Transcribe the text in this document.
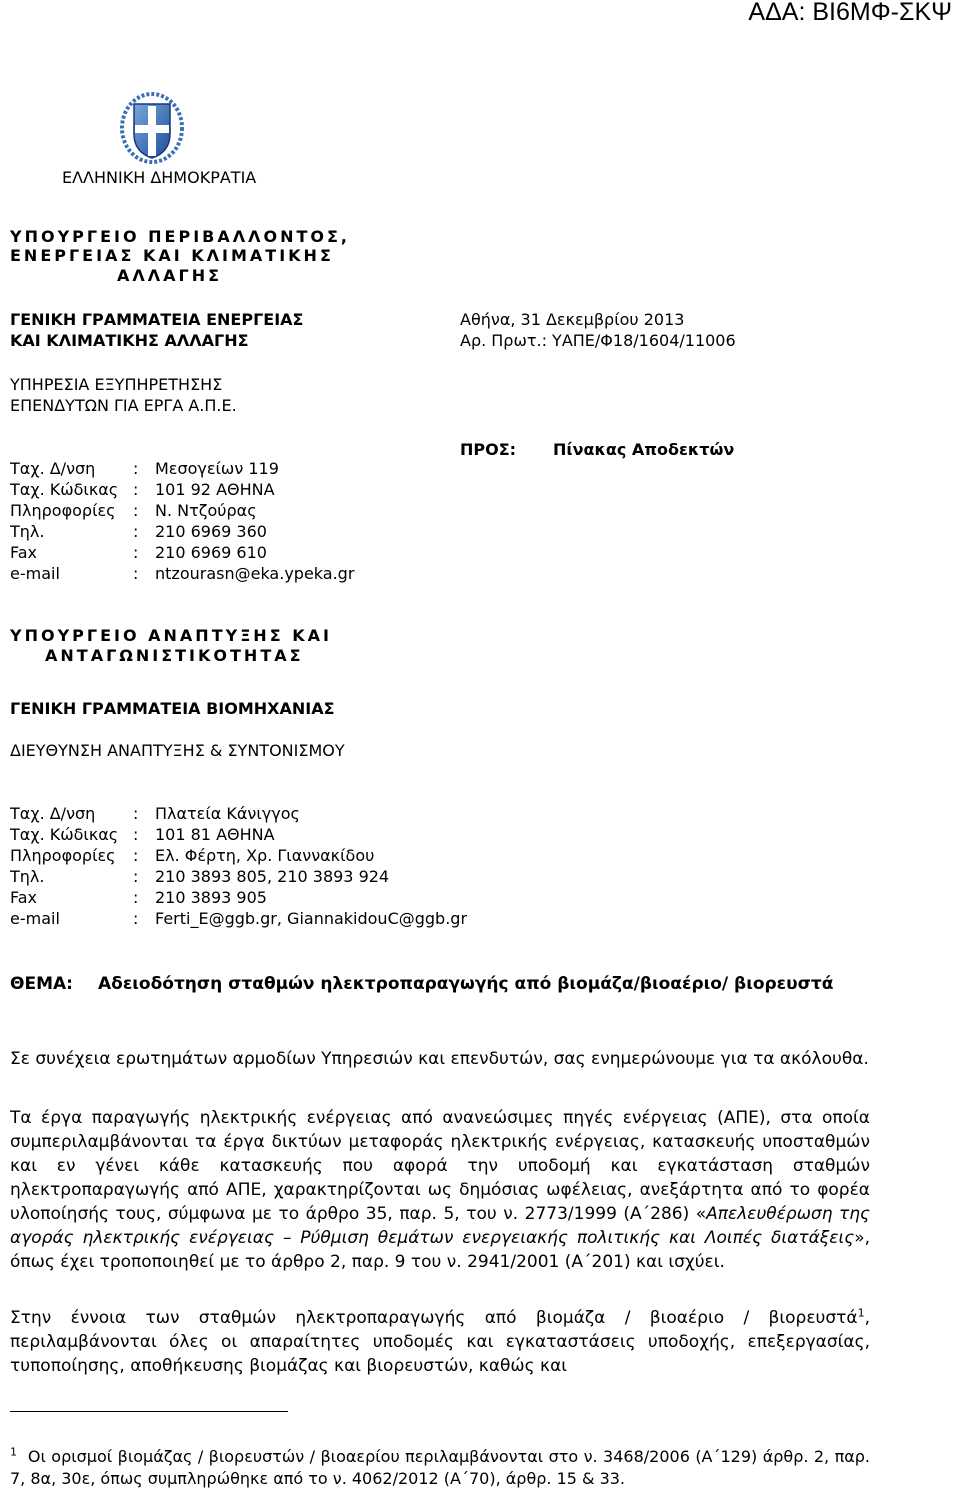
ΑΔΑ: ΒΙ6ΜΦ-ΣΚΨ
ΕΛΛΗΝΙΚΗ ΔΗΜΟΚΡΑΤΙΑ
ΥΠΟΥΡΓΕΙΟ ΠΕΡΙΒΑΛΛΟΝΤΟΣ,
ΕΝΕΡΓΕΙΑΣ ΚΑΙ ΚΛΙΜΑΤΙΚΗΣ
ΑΛΛΑΓΗΣ
ΓΕΝΙΚΗ ΓΡΑΜΜΑΤΕΙΑ ΕΝΕΡΓΕΙΑΣ
ΚΑΙ ΚΛΙΜΑΤΙΚΗΣ ΑΛΛΑΓΗΣ
Αθήνα, 31 Δεκεμβρίου 2013
Αρ. Πρωτ.: ΥΑΠΕ/Φ18/1604/11006
ΥΠΗΡΕΣΙΑ ΕΞΥΠΗΡΕΤΗΣΗΣ
ΕΠΕΝΔΥΤΩΝ ΓΙΑ ΕΡΓΑ Α.Π.Ε.
ΠΡΟΣ: Πίνακας Αποδεκτών
Ταχ. Δ/νση	:	Μεσογείων 119
Ταχ. Κώδικας :	101 92 ΑΘΗΝΑ
Πληροφορίες	:	Ν. Ντζούρας
Τηλ.	:	210 6969 360
Fax	:	210 6969 610
e-mail	:	ntzourasn@eka.ypeka.gr
ΥΠΟΥΡΓΕΙΟ ΑΝΑΠΤΥΞΗΣ ΚΑΙ
ΑΝΤΑΓΩΝΙΣΤΙΚΟΤΗΤΑΣ
ΓΕΝΙΚΗ ΓΡΑΜΜΑΤΕΙΑ ΒΙΟΜΗΧΑΝΙΑΣ
ΔΙΕΥΘΥΝΣΗ ΑΝΑΠΤΥΞΗΣ & ΣΥΝΤΟΝΙΣΜΟΥ
Ταχ. Δ/νση	:	Πλατεία Κάνιγγος
Ταχ. Κώδικας :	101 81 ΑΘΗΝΑ
Πληροφορίες	:	Ελ. Φέρτη, Χρ. Γιαννακίδου
Τηλ.	:	210 3893 805, 210 3893 924
Fax	:	210 3893 905
e-mail	:	Ferti_E@ggb.gr, GiannakidouC@ggb.gr
ΘΕΜΑ: Αδειοδότηση σταθμών ηλεκτροπαραγωγής από βιομάζα/βιοαέριο/ βιορευστά
Σε συνέχεια ερωτημάτων αρμοδίων Υπηρεσιών και επενδυτών, σας ενημερώνουμε για τα ακόλουθα.
Τα έργα παραγωγής ηλεκτρικής ενέργειας από ανανεώσιμες πηγές ενέργειας (ΑΠΕ), στα οποία συμπεριλαμβάνονται τα έργα δικτύων μεταφοράς ηλεκτρικής ενέργειας, κατασκευής υποσταθμών και εν γένει κάθε κατασκευής που αφορά την υποδομή και εγκατάσταση σταθμών ηλεκτροπαραγωγής από ΑΠΕ, χαρακτηρίζονται ως δημόσιας ωφέλειας, ανεξάρτητα από το φορέα υλοποίησής τους, σύμφωνα με το άρθρο 35, παρ. 5, του ν. 2773/1999 (Α΄286) «Απελευθέρωση της αγοράς ηλεκτρικής ενέργειας – Ρύθμιση θεμάτων ενεργειακής πολιτικής και Λοιπές διατάξεις», όπως έχει τροποποιηθεί με το άρθρο 2, παρ. 9 του ν. 2941/2001 (Α΄201) και ισχύει.
Στην έννοια των σταθμών ηλεκτροπαραγωγής από βιομάζα / βιοαέριο / βιορευστά$^1$, περιλαμβάνονται όλες οι απαραίτητες υποδομές και εγκαταστάσεις υποδοχής, επεξεργασίας, τυποποίησης, αποθήκευσης βιομάζας και βιορευστών, καθώς και
$^1$ Οι ορισμοί βιομάζας / βιορευστών / βιοαερίου περιλαμβάνονται στο ν. 3468/2006 (Α΄129) άρθρ. 2, παρ. 7, 8α, 30ε, όπως συμπληρώθηκε από το ν. 4062/2012 (Α΄70), άρθρ. 15 & 33.
